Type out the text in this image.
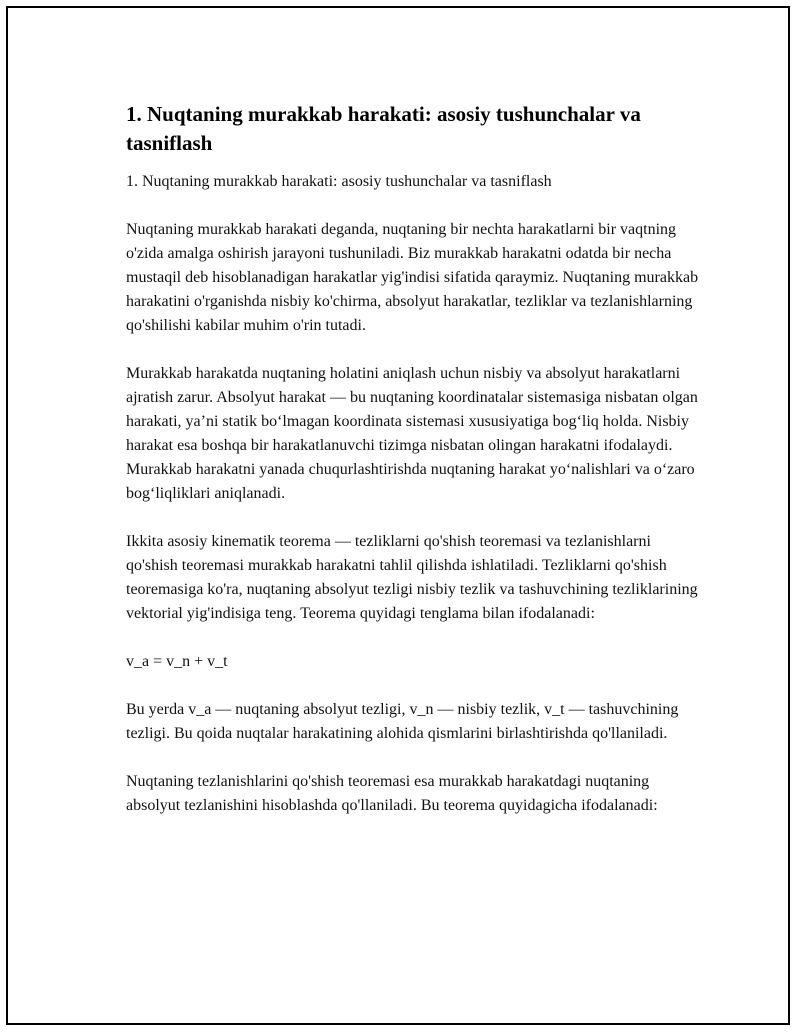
1. Nuqtaning murakkab harakati: asosiy tushunchalar va tasniflash

1. Nuqtaning murakkab harakati: asosiy tushunchalar va tasniflash

Nuqtaning murakkab harakati deganda, nuqtaning bir nechta harakatlarni bir vaqtning o'zida amalga oshirish jarayoni tushuniladi. Biz murakkab harakatni odatda bir necha mustaqil deb hisoblanadigan harakatlar yig'indisi sifatida qaraymiz. Nuqtaning murakkab harakatini o'rganishda nisbiy ko'chirma, absolyut harakatlar, tezliklar va tezlanishlarning qo'shilishi kabilar muhim o'rin tutadi.

Murakkab harakatda nuqtaning holatini aniqlash uchun nisbiy va absolyut harakatlarni ajratish zarur. Absolyut harakat — bu nuqtaning koordinatalar sistemasiga nisbatan olgan harakati, ya’ni statik bo‘lmagan koordinata sistemasi xususiyatiga bog‘liq holda. Nisbiy harakat esa boshqa bir harakatlanuvchi tizimga nisbatan olingan harakatni ifodalaydi. Murakkab harakatni yanada chuqurlashtirishda nuqtaning harakat yo‘nalishlari va o‘zaro bog‘liqliklari aniqlanadi.

Ikkita asosiy kinematik teorema — tezliklarni qo'shish teoremasi va tezlanishlarni qo'shish teoremasi murakkab harakatni tahlil qilishda ishlatiladi. Tezliklarni qo'shish teoremasiga ko'ra, nuqtaning absolyut tezligi nisbiy tezlik va tashuvchining tezliklarining vektorial yig'indisiga teng. Teorema quyidagi tenglama bilan ifodalanadi:

v_a = v_n + v_t

Bu yerda v_a — nuqtaning absolyut tezligi, v_n — nisbiy tezlik, v_t — tashuvchining tezligi. Bu qoida nuqtalar harakatining alohida qismlarini birlashtirishda qo'llaniladi.

Nuqtaning tezlanishlarini qo'shish teoremasi esa murakkab harakatdagi nuqtaning absolyut tezlanishini hisoblashda qo'llaniladi. Bu teorema quyidagicha ifodalanadi:
